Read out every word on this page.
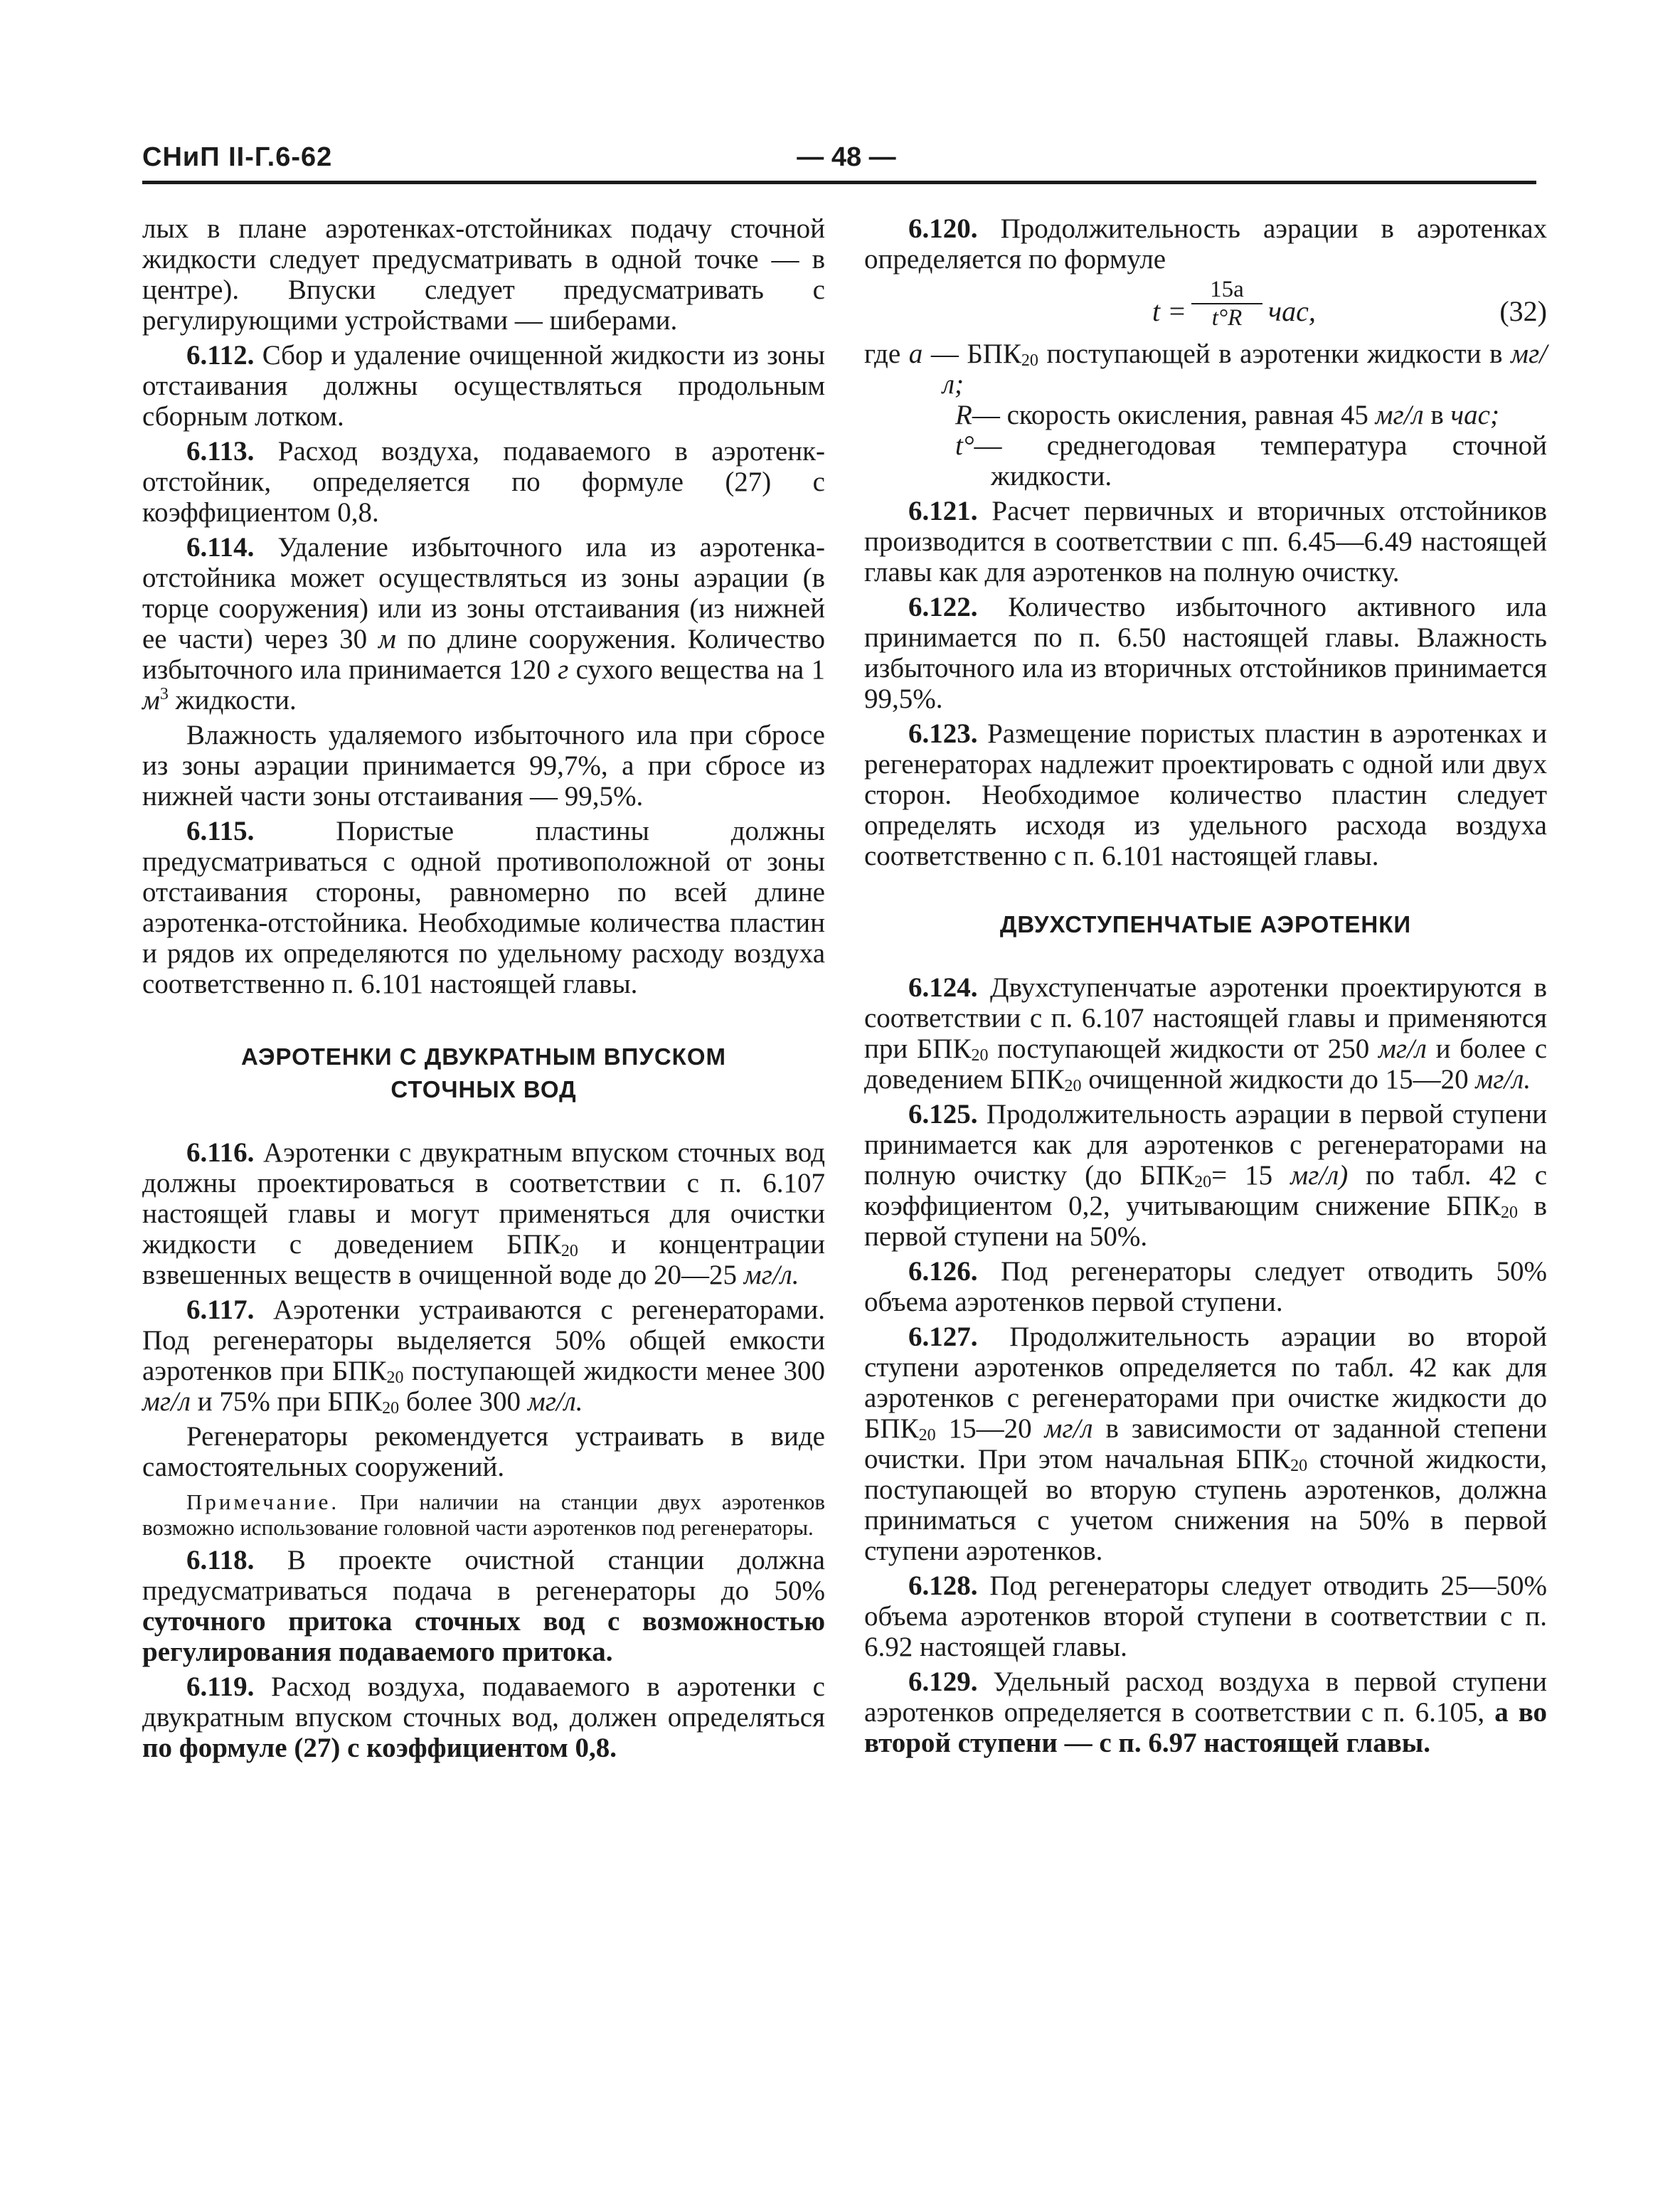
СНиП II-Г.6-62	— 48 —

лых в плане аэротенках-отстойниках подачу сточной жидкости следует предусматривать в одной точке — в центре). Впуски следует предусматривать с регулирующими устройствами — шиберами.

6.112. Сбор и удаление очищенной жидкости из зоны отстаивания должны осуществляться продольным сборным лотком.

6.113. Расход воздуха, подаваемого в аэротенк-отстойник, определяется по формуле (27) с коэффициентом 0,8.

6.114. Удаление избыточного ила из аэротенка-отстойника может осуществляться из зоны аэрации (в торце сооружения) или из зоны отстаивания (из нижней ее части) через 30 м по длине сооружения. Количество избыточного ила принимается 120 г сухого вещества на 1 $м^3$ жидкости.

Влажность удаляемого избыточного ила при сбросе из зоны аэрации принимается 99,7%, а при сбросе из нижней части зоны отстаивания — 99,5%.

6.115.	Пористые пластины должны предусматриваться с одной противоположной от зоны отстаивания стороны, равномерно по всей длине аэротенка-отстойника. Необходимые количества пластин и рядов их определяются по удельному расходу воздуха соответственно п. 6.101 настоящей главы.

АЭРОТЕНКИ С ДВУКРАТНЫМ ВПУСКОМ СТОЧНЫХ ВОД

6.116. Аэротенки с двукратным впуском сточных вод должны проектироваться в соответствии с п. 6.107 настоящей главы и могут применяться для очистки жидкости с доведением $БПК_{20}$ и концентрации взвешенных веществ в очищенной воде до 20—25 мг/л.

6.117. Аэротенки устраиваются с регенераторами. Под регенераторы выделяется 50% общей емкости аэротенков при $БПК_{20}$ поступающей жидкости менее 300 мг/л и 75% при $БПК_{20}$ более 300 мг/л.

Регенераторы рекомендуется устраивать в виде самостоятельных сооружений.

Примечание. При наличии на станции двух аэротенков возможно использование головной части аэротенков под регенераторы.

6.118. В проекте очистной станции должна предусматриваться подача в регенераторы до 50% суточного притока сточных вод с возможностью регулирования подаваемого притока.

6.119. Расход воздуха, подаваемого в аэротенки с двукратным впуском сточных вод, должен определяться по формуле (27) с коэффициентом 0,8.

6.120. Продолжительность аэрации в аэротенках определяется по формуле

$t = \frac{15a}{t^\circ R}$ час,	(32)

где a — $БПК_{20}$ поступающей в аэротенки жидкости в мг/л;

R— скорость окисления, равная 45 мг/л в час;

t°— среднегодовая температура сточной жидкости.

6.121. Расчет первичных и вторичных отстойников производится в соответствии с пп. 6.45—6.49 настоящей главы как для аэротенков на полную очистку.

6.122. Количество избыточного активного ила принимается по п. 6.50 настоящей главы. Влажность избыточного ила из вторичных отстойников принимается 99,5%.

6.123. Размещение пористых пластин в аэротенках и регенераторах надлежит проектировать с одной или двух сторон. Необходимое количество пластин следует определять исходя из удельного расхода воздуха соответственно с п. 6.101 настоящей главы.

ДВУХСТУПЕНЧАТЫЕ АЭРОТЕНКИ

6.124. Двухступенчатые аэротенки проектируются в соответствии с п. 6.107 настоящей главы и применяются при $БПК_{20}$ поступающей жидкости от 250 мг/л и более с доведением $БПК_{20}$ очищенной жидкости до 15—20 мг/л.

6.125. Продолжительность аэрации в первой ступени принимается как для аэротенков с регенераторами на полную очистку (до $БПК_{20}= 15$ мг/л) по табл. 42 с коэффициентом 0,2, учитывающим снижение $БПК_{20}$ в первой ступени на 50%.

6.126. Под регенераторы следует отводить 50% объема аэротенков первой ступени.

6.127. Продолжительность аэрации во второй ступени аэротенков определяется по табл. 42 как для аэротенков с регенераторами при очистке жидкости до $БПК_{20}$ 15—20 мг/л в зависимости от заданной степени очистки. При этом начальная $БПК_{20}$ сточной жидкости, поступающей во вторую ступень аэротенков, должна приниматься с учетом снижения на 50% в первой ступени аэротенков.

6.128. Под регенераторы следует отводить 25—50% объема аэротенков второй ступени в соответствии с п. 6.92 настоящей главы.

6.129. Удельный расход воздуха в первой ступени аэротенков определяется в соответствии с п. 6.105, а во второй ступени — с п. 6.97 настоящей главы.
